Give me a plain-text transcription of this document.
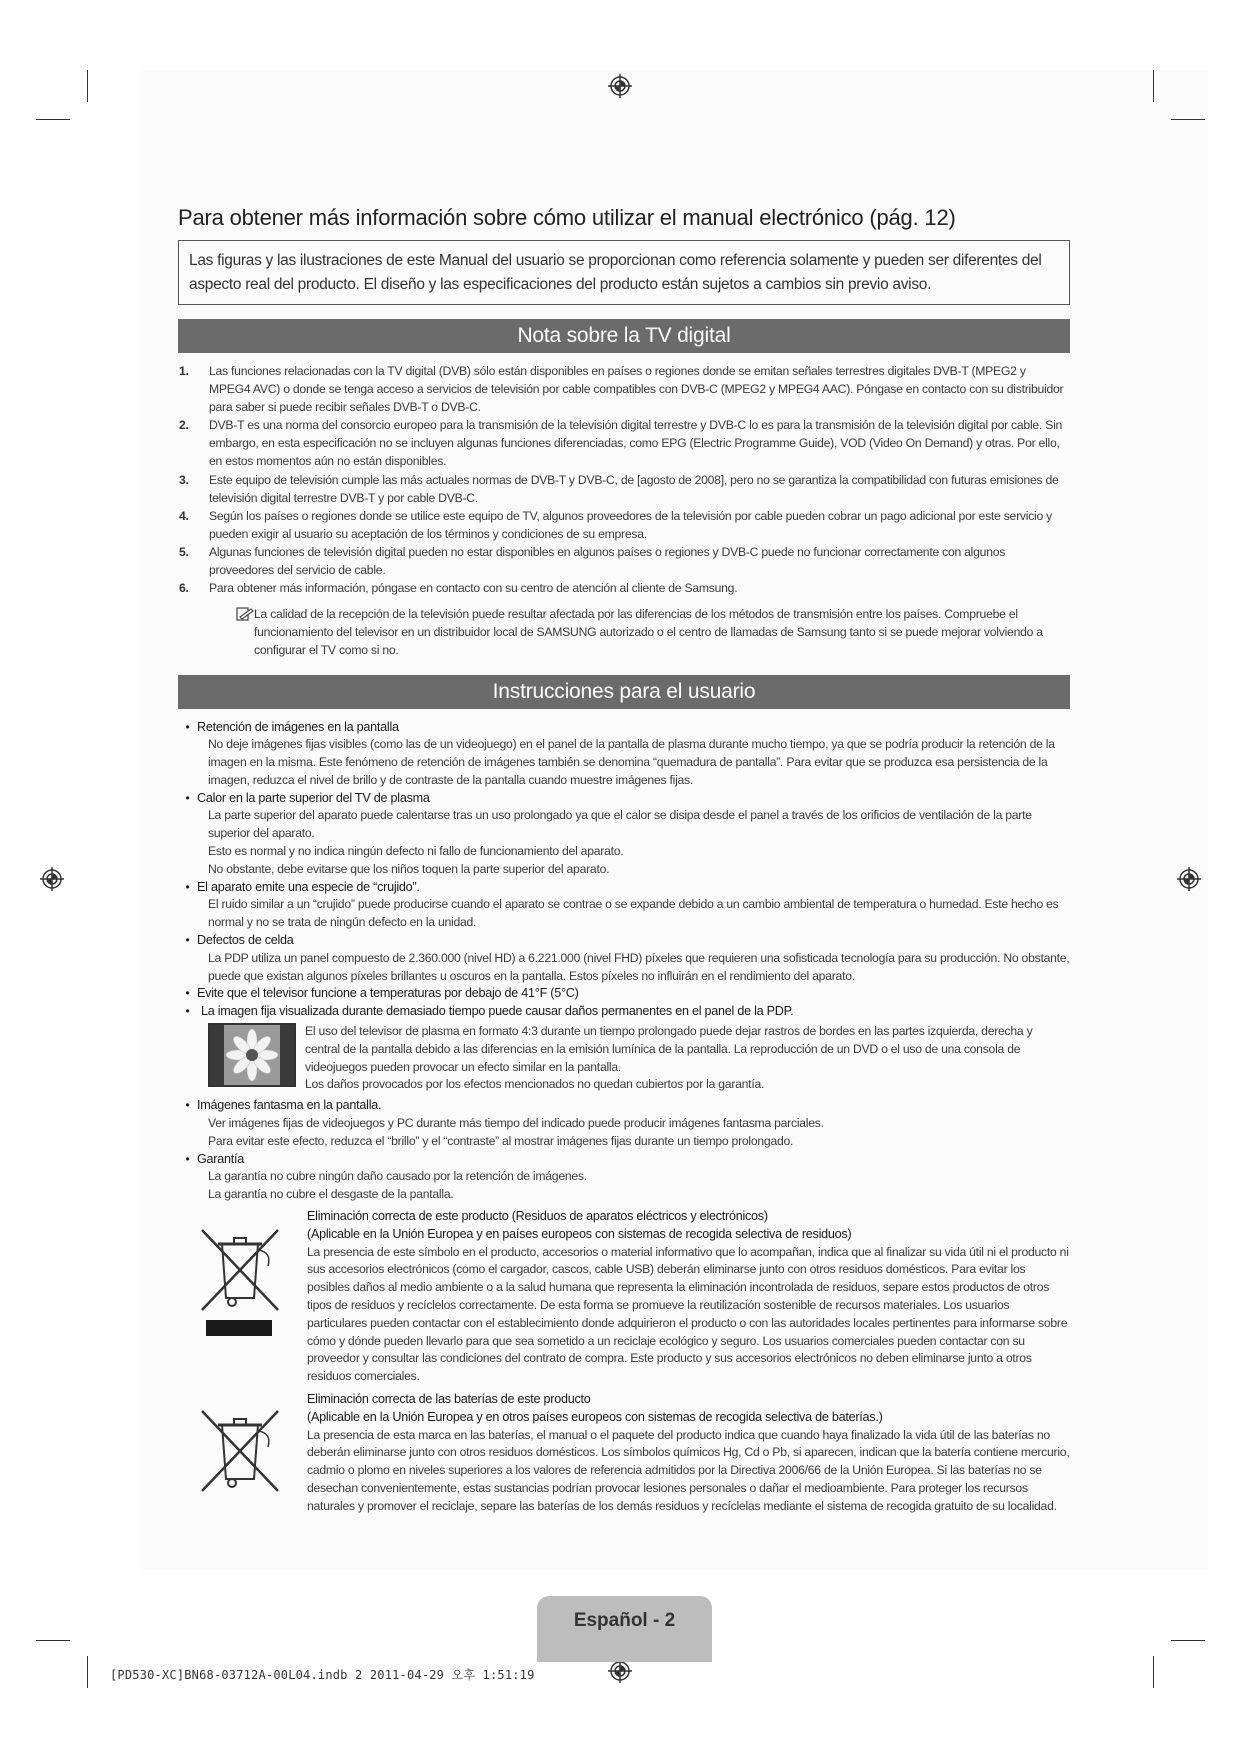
Para obtener más información sobre cómo utilizar el manual electrónico (pág. 12)
Las figuras y las ilustraciones de este Manual del usuario se proporcionan como referencia solamente y pueden ser diferentes del aspecto real del producto. El diseño y las especificaciones del producto están sujetos a cambios sin previo aviso.
Nota sobre la TV digital
1.	Las funciones relacionadas con la TV digital (DVB) sólo están disponibles en países o regiones donde se emitan señales terrestres digitales DVB-T (MPEG2 y MPEG4 AVC) o donde se tenga acceso a servicios de televisión por cable compatibles con DVB-C (MPEG2 y MPEG4 AAC). Póngase en contacto con su distribuidor para saber si puede recibir señales DVB-T o DVB-C.
2.	DVB-T es una norma del consorcio europeo para la transmisión de la televisión digital terrestre y DVB-C lo es para la transmisión de la televisión digital por cable. Sin embargo, en esta especificación no se incluyen algunas funciones diferenciadas, como EPG (Electric Programme Guide), VOD (Video On Demand) y otras. Por ello, en estos momentos aún no están disponibles.
3.	Este equipo de televisión cumple las más actuales normas de DVB-T y DVB-C, de [agosto de 2008], pero no se garantiza la compatibilidad con futuras emisiones de televisión digital terrestre DVB-T y por cable DVB-C.
4.	Según los países o regiones donde se utilice este equipo de TV, algunos proveedores de la televisión por cable pueden cobrar un pago adicional por este servicio y pueden exigir al usuario su aceptación de los términos y condiciones de su empresa.
5.	Algunas funciones de televisión digital pueden no estar disponibles en algunos países o regiones y DVB-C puede no funcionar correctamente con algunos proveedores del servicio de cable.
6.	Para obtener más información, póngase en contacto con su centro de atención al cliente de Samsung.
La calidad de la recepción de la televisión puede resultar afectada por las diferencias de los métodos de transmisión entre los países. Compruebe el funcionamiento del televisor en un distribuidor local de SAMSUNG autorizado o el centro de llamadas de Samsung tanto si se puede mejorar volviendo a configurar el TV como si no.
Instrucciones para el usuario
• Retención de imágenes en la pantalla
No deje imágenes fijas visibles (como las de un videojuego) en el panel de la pantalla de plasma durante mucho tiempo, ya que se podría producir la retención de la imagen en la misma. Este fenómeno de retención de imágenes también se denomina “quemadura de pantalla”. Para evitar que se produzca esa persistencia de la imagen, reduzca el nivel de brillo y de contraste de la pantalla cuando muestre imágenes fijas.
• Calor en la parte superior del TV de plasma
La parte superior del aparato puede calentarse tras un uso prolongado ya que el calor se disipa desde el panel a través de los orificios de ventilación de la parte superior del aparato.
Esto es normal y no indica ningún defecto ni fallo de funcionamiento del aparato.
No obstante, debe evitarse que los niños toquen la parte superior del aparato.
• El aparato emite una especie de “crujido”.
El ruido similar a un “crujido” puede producirse cuando el aparato se contrae o se expande debido a un cambio ambiental de temperatura o humedad. Este hecho es normal y no se trata de ningún defecto en la unidad.
• Defectos de celda
La PDP utiliza un panel compuesto de 2.360.000 (nivel HD) a 6.221.000 (nivel FHD) píxeles que requieren una sofisticada tecnología para su producción. No obstante, puede que existan algunos píxeles brillantes u oscuros en la pantalla. Estos píxeles no influirán en el rendimiento del aparato.
• Evite que el televisor funcione a temperaturas por debajo de 41°F (5°C)
• La imagen fija visualizada durante demasiado tiempo puede causar daños permanentes en el panel de la PDP.
El uso del televisor de plasma en formato 4:3 durante un tiempo prolongado puede dejar rastros de bordes en las partes izquierda, derecha y central de la pantalla debido a las diferencias en la emisión lumínica de la pantalla. La reproducción de un DVD o el uso de una consola de videojuegos pueden provocar un efecto similar en la pantalla.
Los daños provocados por los efectos mencionados no quedan cubiertos por la garantía.
• Imágenes fantasma en la pantalla.
Ver imágenes fijas de videojuegos y PC durante más tiempo del indicado puede producir imágenes fantasma parciales.
Para evitar este efecto, reduzca el “brillo” y el “contraste” al mostrar imágenes fijas durante un tiempo prolongado.
• Garantía
La garantía no cubre ningún daño causado por la retención de imágenes.
La garantía no cubre el desgaste de la pantalla.
Eliminación correcta de este producto (Residuos de aparatos eléctricos y electrónicos)
(Aplicable en la Unión Europea y en países europeos con sistemas de recogida selectiva de residuos)
La presencia de este símbolo en el producto, accesorios o material informativo que lo acompañan, indica que al finalizar su vida útil ni el producto ni sus accesorios electrónicos (como el cargador, cascos, cable USB) deberán eliminarse junto con otros residuos domésticos. Para evitar los posibles daños al medio ambiente o a la salud humana que representa la eliminación incontrolada de residuos, separe estos productos de otros tipos de residuos y recíclelos correctamente. De esta forma se promueve la reutilización sostenible de recursos materiales. Los usuarios particulares pueden contactar con el establecimiento donde adquirieron el producto o con las autoridades locales pertinentes para informarse sobre cómo y dónde pueden llevarlo para que sea sometido a un reciclaje ecológico y seguro. Los usuarios comerciales pueden contactar con su proveedor y consultar las condiciones del contrato de compra. Este producto y sus accesorios electrónicos no deben eliminarse junto a otros residuos comerciales.
Eliminación correcta de las baterías de este producto
(Aplicable en la Unión Europea y en otros países europeos con sistemas de recogida selectiva de baterías.)
La presencia de esta marca en las baterías, el manual o el paquete del producto indica que cuando haya finalizado la vida útil de las baterías no deberán eliminarse junto con otros residuos domésticos. Los símbolos químicos Hg, Cd o Pb, si aparecen, indican que la batería contiene mercurio, cadmio o plomo en niveles superiores a los valores de referencia admitidos por la Directiva 2006/66 de la Unión Europea. Si las baterías no se desechan convenientemente, estas sustancias podrían provocar lesiones personales o dañar el medioambiente. Para proteger los recursos naturales y promover el reciclaje, separe las baterías de los demás residuos y recíclelas mediante el sistema de recogida gratuito de su localidad.
Español - 2
[PD530-XC]BN68-03712A-00L04.indb 2 2011-04-29 오후 1:51:19
